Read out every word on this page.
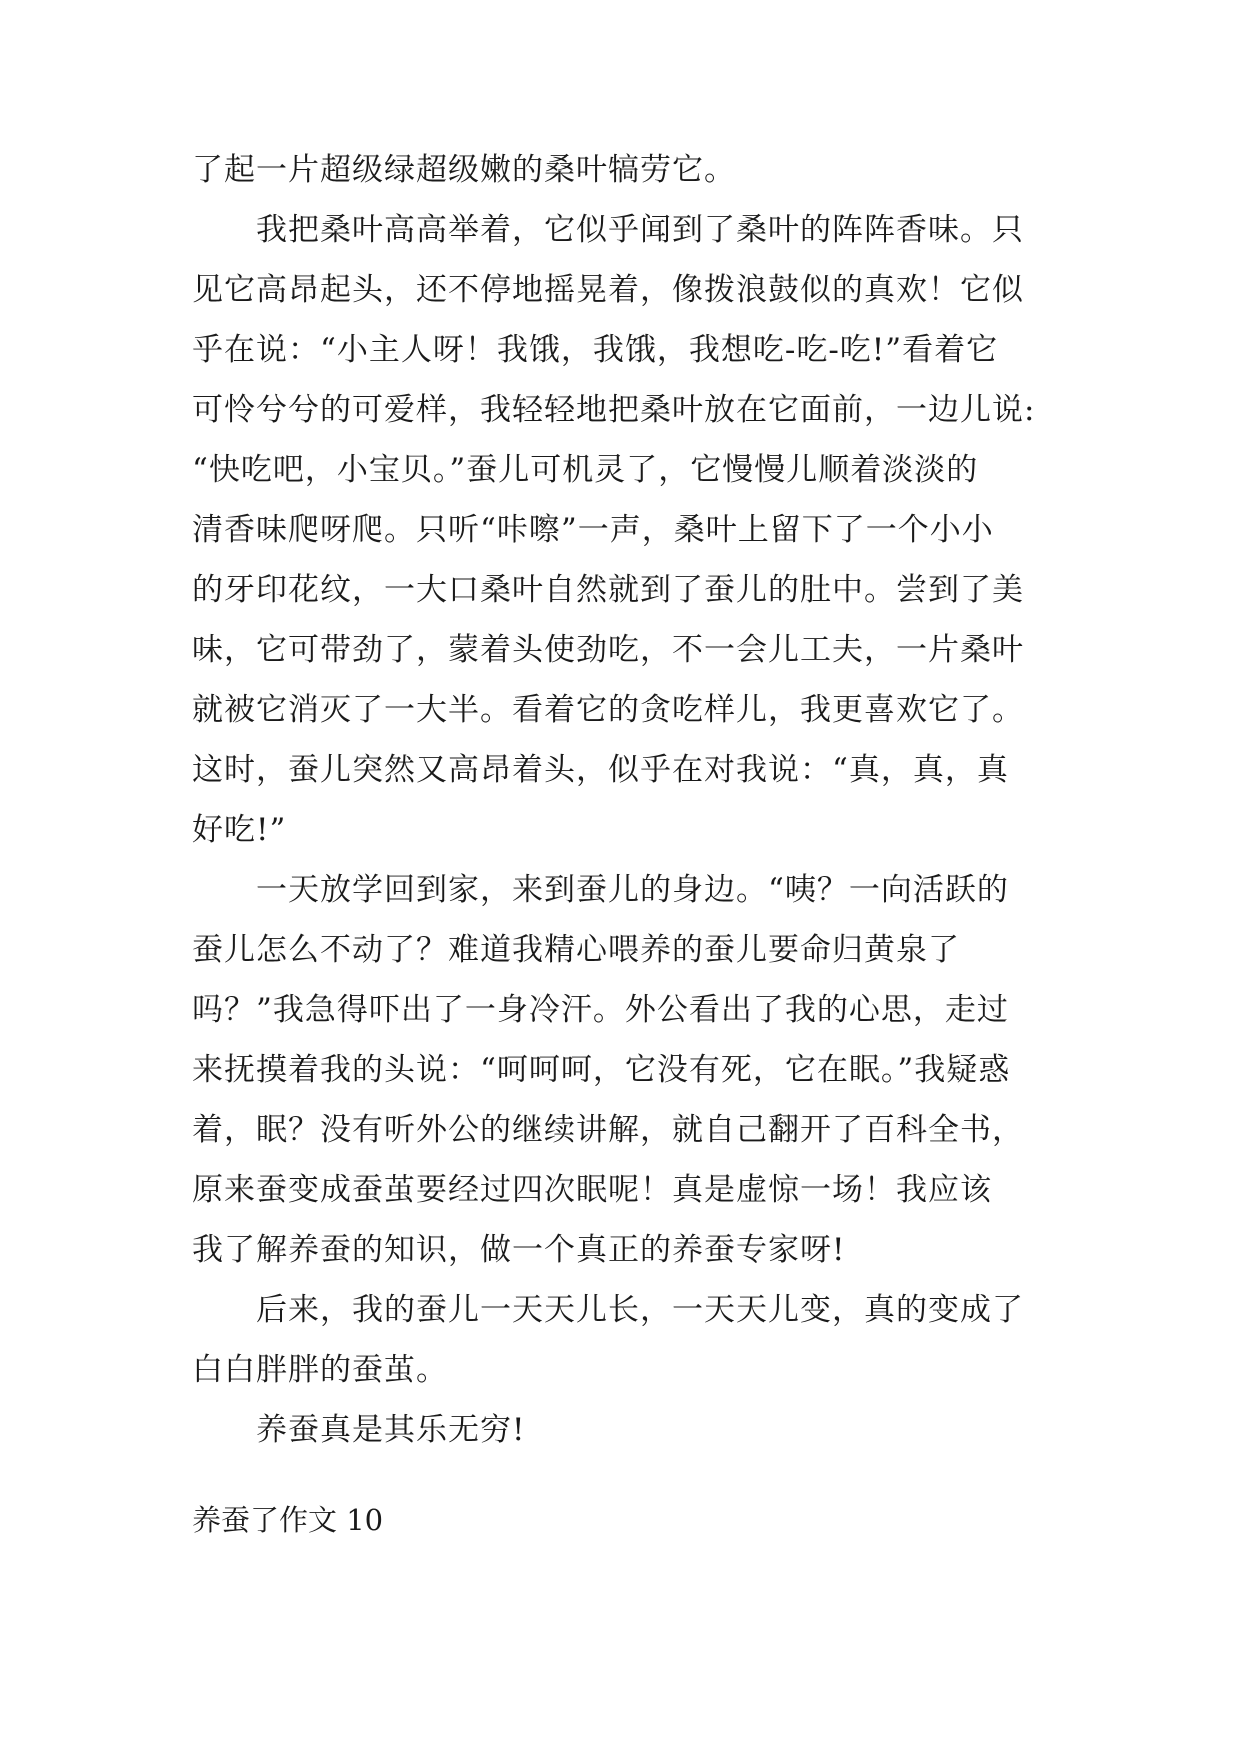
了起一片超级绿超级嫩的桑叶犒劳它。
我把桑叶高高举着，它似乎闻到了桑叶的阵阵香味。只
见它高昂起头，还不停地摇晃着，像拨浪鼓似的真欢！它似
乎在说：“小主人呀！我饿，我饿，我想吃-吃-吃!”看着它
可怜兮兮的可爱样，我轻轻地把桑叶放在它面前，一边儿说:
“快吃吧，小宝贝。”蚕儿可机灵了，它慢慢儿顺着淡淡的
清香味爬呀爬。只听“咔嚓”一声，桑叶上留下了一个小小
的牙印花纹，一大口桑叶自然就到了蚕儿的肚中。尝到了美
味，它可带劲了，蒙着头使劲吃，不一会儿工夫，一片桑叶
就被它消灭了一大半。看着它的贪吃样儿，我更喜欢它了。
这时，蚕儿突然又高昂着头，似乎在对我说：“真，真，真
好吃!”
一天放学回到家，来到蚕儿的身边。“咦？一向活跃的
蚕儿怎么不动了？难道我精心喂养的蚕儿要命归黄泉了
吗？”我急得吓出了一身冷汗。外公看出了我的心思，走过
来抚摸着我的头说：“呵呵呵，它没有死，它在眠。”我疑惑
着，眠？没有听外公的继续讲解，就自己翻开了百科全书，
原来蚕变成蚕茧要经过四次眠呢！真是虚惊一场！我应该
我了解养蚕的知识，做一个真正的养蚕专家呀!
后来，我的蚕儿一天天儿长，一天天儿变，真的变成了
白白胖胖的蚕茧。
养蚕真是其乐无穷!
养蚕了作文 10
